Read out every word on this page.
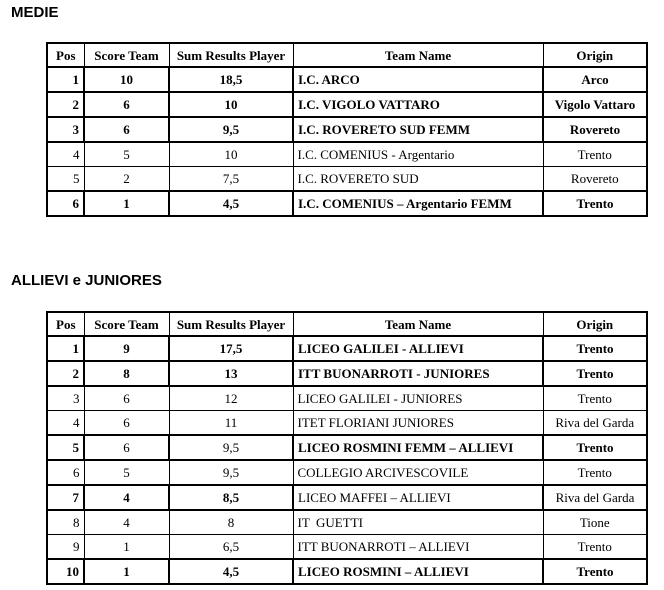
MEDIE
Pos	Score Team	Sum Results Player	Team Name	Origin
1	10	18,5	I.C. ARCO	Arco
2	6	10	I.C. VIGOLO VATTARO	Vigolo Vattaro
3	6	9,5	I.C. ROVERETO SUD FEMM	Rovereto
4	5	10	I.C. COMENIUS - Argentario	Trento
5	2	7,5	I.C. ROVERETO SUD	Rovereto
6	1	4,5	I.C. COMENIUS – Argentario FEMM	Trento
ALLIEVI e JUNIORES
Pos	Score Team	Sum Results Player	Team Name	Origin
1	9	17,5	LICEO GALILEI - ALLIEVI	Trento
2	8	13	ITT BUONARROTI - JUNIORES	Trento
3	6	12	LICEO GALILEI - JUNIORES	Trento
4	6	11	ITET FLORIANI JUNIORES	Riva del Garda
5	6	9,5	LICEO ROSMINI FEMM – ALLIEVI	Trento
6	5	9,5	COLLEGIO ARCIVESCOVILE	Trento
7	4	8,5	LICEO MAFFEI – ALLIEVI	Riva del Garda
8	4	8	IT  GUETTI	Tione
9	1	6,5	ITT BUONARROTI – ALLIEVI	Trento
10	1	4,5	LICEO ROSMINI – ALLIEVI	Trento
